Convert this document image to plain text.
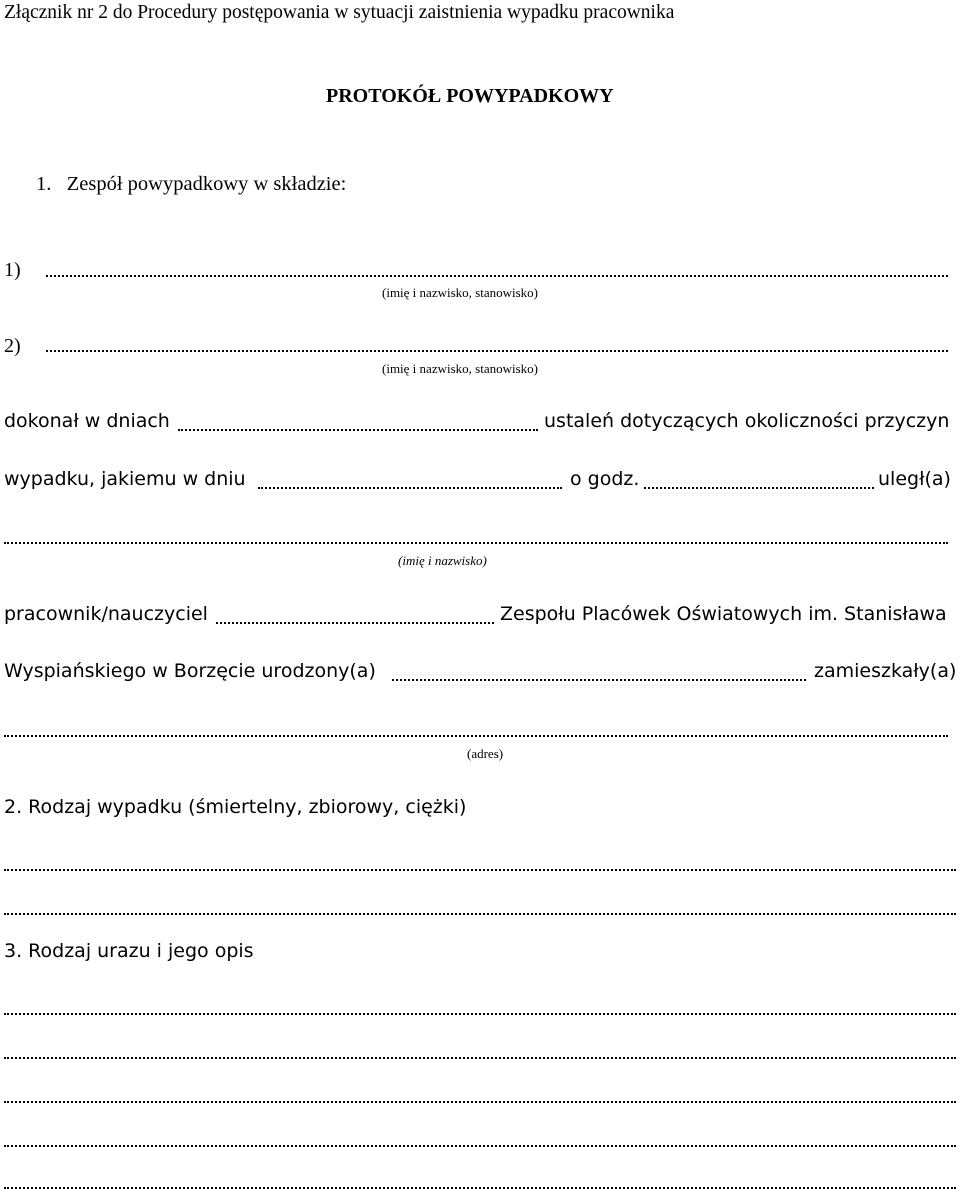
Złącznik nr 2 do Procedury postępowania w sytuacji zaistnienia wypadku pracownika
PROTOKÓŁ POWYPADKOWY
1.   Zespół powypadkowy w składzie:
1)
(imię i nazwisko, stanowisko)
2)
(imię i nazwisko, stanowisko)
dokonał w dniach	ustaleń dotyczących okoliczności przyczyn
wypadku, jakiemu w dniu	o godz.	uległ(a)
(imię i nazwisko)
pracownik/nauczyciel	Zespołu Placówek Oświatowych im. Stanisława
Wyspiańskiego w Borzęcie urodzony(a)	zamieszkały(a)
(adres)
2. Rodzaj wypadku (śmiertelny, zbiorowy, ciężki)
3. Rodzaj urazu i jego opis
